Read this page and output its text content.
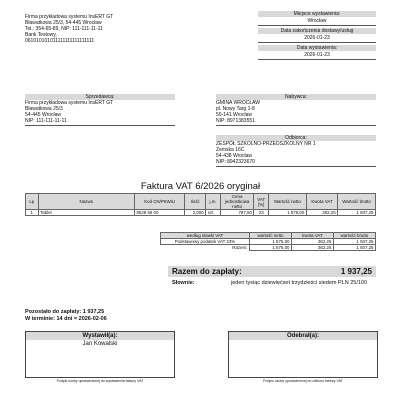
Firma przykładowa systemu InsERT GT
Bławatkowa 25/3, 54-445 Wrocław
Tel.: 354-65-89, NIP: 111-111-11-11
Bank Testowy,
061010101011111111111111111
Miejsce wystawienia:
Wrocław
Data zakończenia dostawy/usług
2026-01-23
Data wystawienia:
2026-01-23
Sprzedawca:
Firma przykładowa systemu InsERT GT
Bławatkowa 25/3
54-445 Wrocław
NIP: 111-111-11-11
Nabywca:
GMINA WROCŁAW
pl. Nowy Targ 1-8
50-141 Wrocław
NIP: 8971383551
Odbiorca:
ZESPÓŁ SZKOLNO-PRZEDSZKOLNY NR 1
Zemska 16C
54-438 Wrocław
NIP: 8942323670
Faktura VAT 6/2026 oryginał
Lp	Nazwa	Kod CN/PKWiU	Ilość	j.m.	Cena jednostkowa netto	VAT [%]	Wartość netto	Kwota VAT	Wartość brutto
1	Tablet	8528 59 00	2,000	szt.	787,50	23	1 575,00	362,25	1 937,25
według stawki VAT	wartość netto	kwota VAT	wartość brutto
Podstawowy podatek VAT 23%	1 575,00	362,25	1 937,25
Razem:	1 575,00	362,25	1 937,25
Razem do zapłaty:	1 937,25
Słownie:	jeden tysiąc dziewięćset trzydzieści siedem PLN 25/100
Pozostało do zapłaty: 1 937,25
W terminie: 14 dni = 2026-02-06
Wystawił(a):
Jan Kowalski
Podpis osoby upoważnionej do wystawienia faktury VAT
Odebrał(a):
Podpis osoby upoważnionej do odbioru faktury VAT
